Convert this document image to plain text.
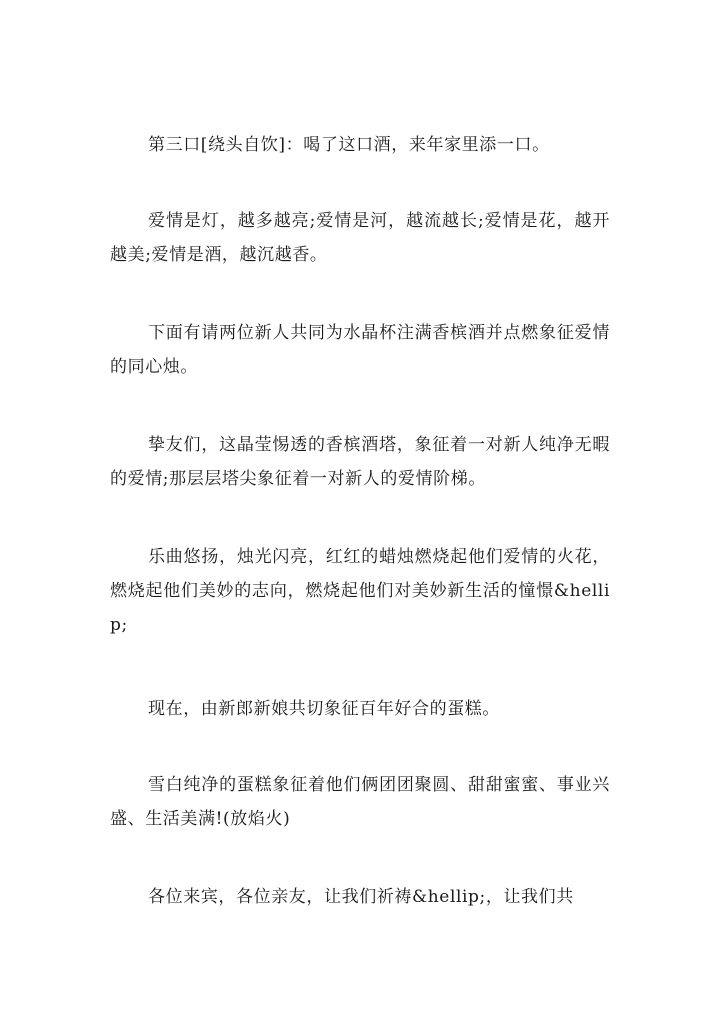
第三口[绕头自饮]：喝了这口酒，来年家里添一口。

爱情是灯，越多越亮;爱情是河，越流越长;爱情是花，越开越美;爱情是酒，越沉越香。

下面有请两位新人共同为水晶杯注满香槟酒并点燃象征爱情的同心烛。

挚友们，这晶莹惕透的香槟酒塔，象征着一对新人纯净无暇的爱情;那层层塔尖象征着一对新人的爱情阶梯。

乐曲悠扬，烛光闪亮，红红的蜡烛燃烧起他们爱情的火花，燃烧起他们美妙的志向，燃烧起他们对美妙新生活的憧憬&hellip;

现在，由新郎新娘共切象征百年好合的蛋糕。

雪白纯净的蛋糕象征着他们俩团团聚圆、甜甜蜜蜜、事业兴盛、生活美满!(放焰火)

各位来宾，各位亲友，让我们祈祷&hellip;，让我们共
